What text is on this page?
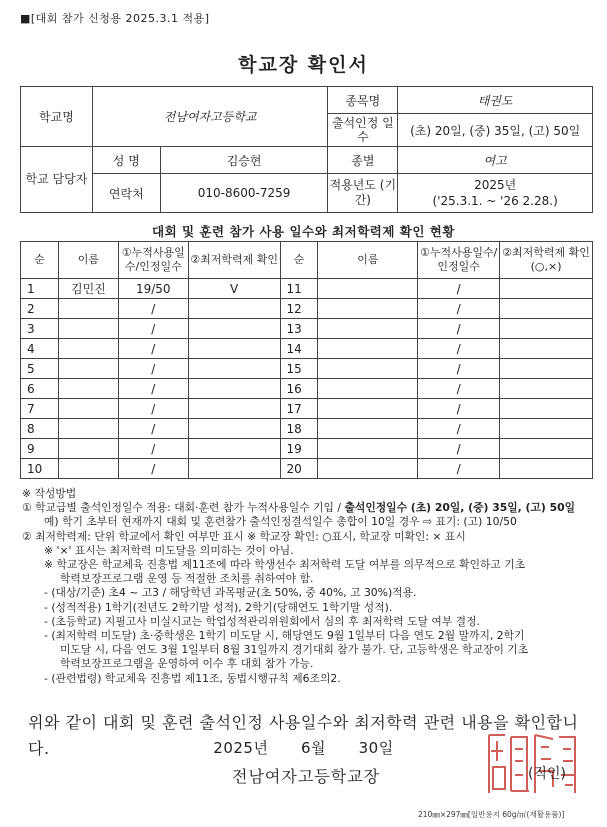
■[대회 참가 신청용 2025.3.1 적용]
학교장 확인서
학교명	전남여자고등학교		종목명	태권도
			출석인정 일수	(초) 20일, (중) 35일, (고) 50일
학교 담당자	성 명	김승현	종별	여고
	연락처	010-8600-7259	적용년도 (기간)	2025년
('25.3.1. ~ '26 2.28.)
대회 및 훈련 참가 사용 일수와 최저학력제 확인 현황
순	이름	①누적사용일수/인정일수	②최저학력제 확인	순	이름	①누적사용일수/인정일수	②최저학력제 확인(○,×)
1	김민진	19/50	V	11		/	
2		/		12		/	
3		/		13		/	
4		/		14		/	
5		/		15		/	
6		/		16		/	
7		/		17		/	
8		/		18		/	
9		/		19		/	
10		/		20		/	
※ 작성방법
① 학교급별 출석인정일수 적용: 대회·훈련 참가 누적사용일수 기입 / 출석인정일수 (초) 20일, (중) 35일, (고) 50일
예) 학기 초부터 현재까지 대회 및 훈련참가 출석인정결석일수 총합이 10일 경우 ⇨ 표기: (고) 10/50
② 최저학력제: 단위 학교에서 확인 여부만 표시 ※ 학교장 확인: ○표시, 학교장 미확인: × 표시
※ '×' 표시는 최저학력 미도달을 의미하는 것이 아님.
※ 학교장은 학교체육 진흥법 제11조에 따라 학생선수 최저학력 도달 여부를 의무적으로 확인하고 기초
학력보장프로그램 운영 등 적절한 조치를 취하여야 함.
- (대상/기준) 초4 ~ 고3 / 해당학년 과목평균(초 50%, 중 40%, 고 30%)적용.
- (성적적용) 1학기(전년도 2학기말 성적), 2학기(당해연도 1학기말 성적).
- (초등학교) 지필고사 미실시교는 학업성적관리위원회에서 심의 후 최저학력 도달 여부 결정.
- (최저학력 미도달) 초·중학생은 1학기 미도달 시, 해당연도 9월 1일부터 다음 연도 2월 말까지, 2학기
미도달 시, 다음 연도 3월 1일부터 8월 31일까지 경기대회 참가 불가. 단, 고등학생은 학교장이 기초
학력보장프로그램을 운영하여 이수 후 대회 참가 가능.
- (관련법령) 학교체육 진흥법 제11조, 동법시행규칙 제6조의2.
위와 같이 대회 및 훈련 출석인정 사용일수와 최저학력 관련 내용을 확인합니다.	2025년 6월 30일
전남여자고등학교장	(직인)
210㎜×297㎜[일반용지 60g/㎡(재활용품)]
